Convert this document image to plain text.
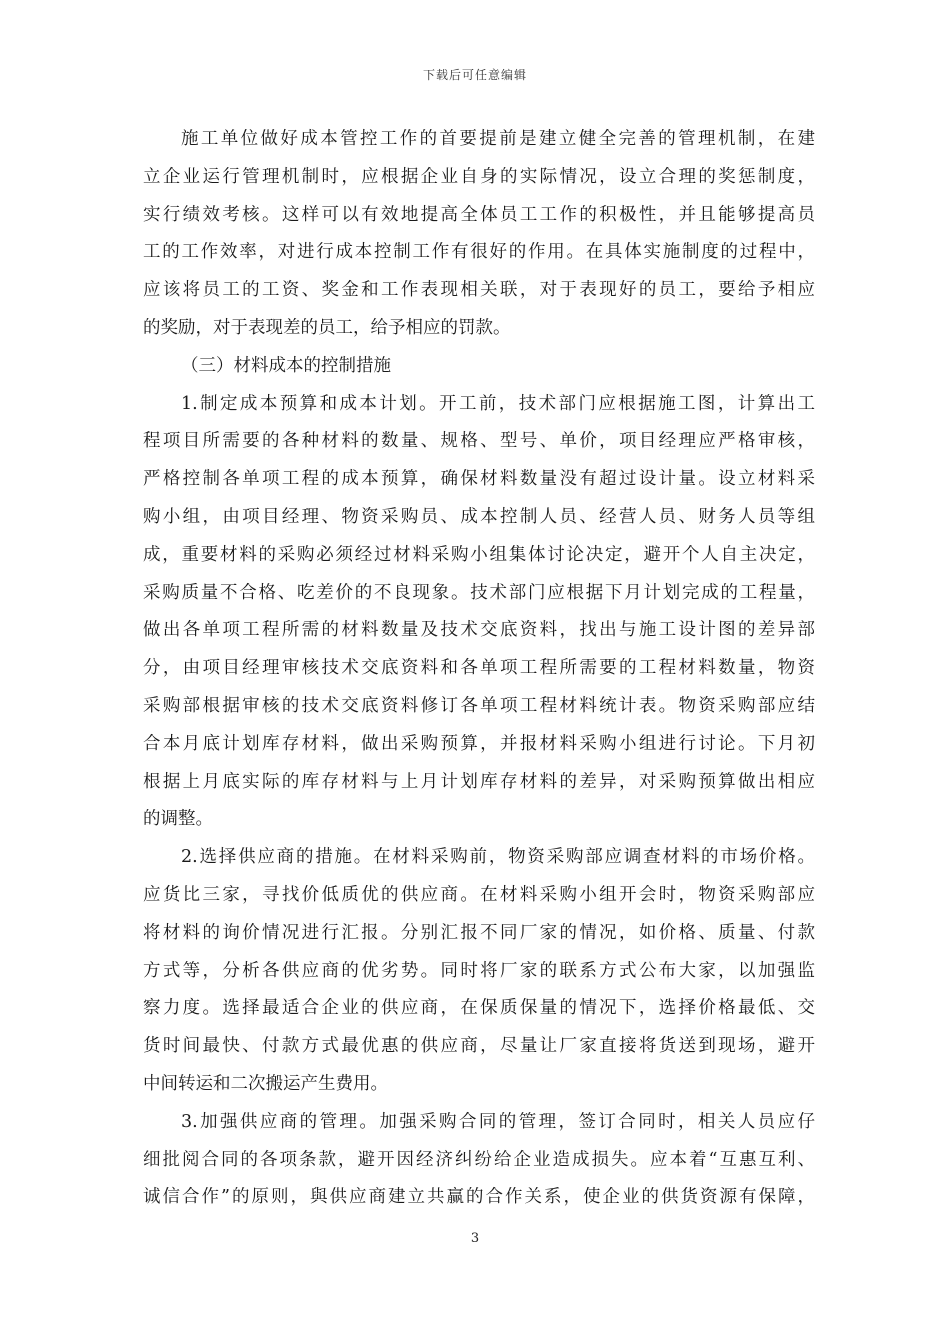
下载后可任意编辑
施工单位做好成本管控工作的首要提前是建立健全完善的管理机制，在建
立企业运行管理机制时，应根据企业自身的实际情况，设立合理的奖惩制度，
实行绩效考核。这样可以有效地提高全体员工工作的积极性，并且能够提高员
工的工作效率，对进行成本控制工作有很好的作用。在具体实施制度的过程中，
应该将员工的工资、奖金和工作表现相关联，对于表现好的员工，要给予相应
的奖励，对于表现差的员工，给予相应的罚款。
（三）材料成本的控制措施
1.制定成本预算和成本计划。开工前，技术部门应根据施工图，计算出工
程项目所需要的各种材料的数量、规格、型号、单价，项目经理应严格审核，
严格控制各单项工程的成本预算，确保材料数量没有超过设计量。设立材料采
购小组，由项目经理、物资采购员、成本控制人员、经营人员、财务人员等组
成，重要材料的采购必须经过材料采购小组集体讨论决定，避开个人自主决定，
采购质量不合格、吃差价的不良现象。技术部门应根据下月计划完成的工程量，
做出各单项工程所需的材料数量及技术交底资料，找出与施工设计图的差异部
分，由项目经理审核技术交底资料和各单项工程所需要的工程材料数量，物资
采购部根据审核的技术交底资料修订各单项工程材料统计表。物资采购部应结
合本月底计划库存材料，做出采购预算，并报材料采购小组进行讨论。下月初
根据上月底实际的库存材料与上月计划库存材料的差异，对采购预算做出相应
的调整。
2.选择供应商的措施。在材料采购前，物资采购部应调查材料的市场价格。
应货比三家，寻找价低质优的供应商。在材料采购小组开会时，物资采购部应
将材料的询价情况进行汇报。分别汇报不同厂家的情况，如价格、质量、付款
方式等，分析各供应商的优劣势。同时将厂家的联系方式公布大家，以加强监
察力度。选择最适合企业的供应商，在保质保量的情况下，选择价格最低、交
货时间最快、付款方式最优惠的供应商，尽量让厂家直接将货送到现场，避开
中间转运和二次搬运产生费用。
3.加强供应商的管理。加强采购合同的管理，签订合同时，相关人员应仔
细批阅合同的各项条款，避开因经济纠纷给企业造成损失。应本着“互惠互利、
诚信合作”的原则，與供应商建立共赢的合作关系，使企业的供货资源有保障，
3
